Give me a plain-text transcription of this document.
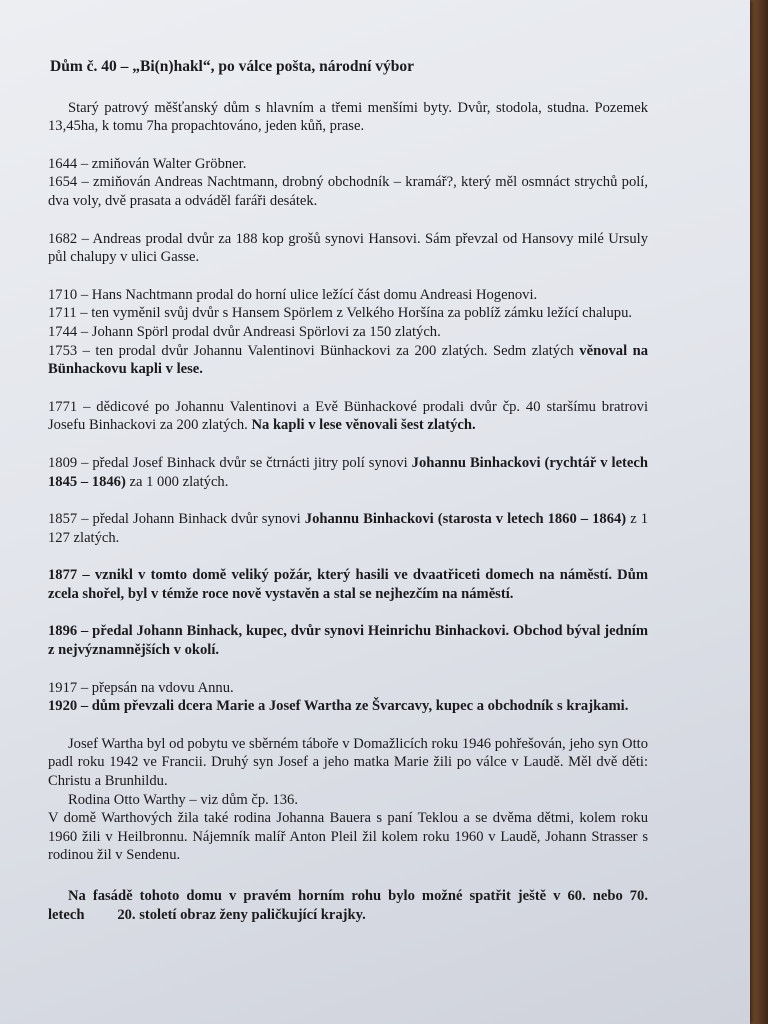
Dům č. 40 – „Bi(n)hakl“, po válce pošta, národní výbor
Starý patrový měšťanský dům s hlavním a třemi menšími byty. Dvůr, stodola, studna. Pozemek 13,45ha, k tomu 7ha propachtováno, jeden kůň, prase.
1644 – zmiňován Walter Gröbner.
1654 – zmiňován Andreas Nachtmann, drobný obchodník – kramář?, který měl osmnáct strychů polí, dva voly, dvě prasata a odváděl faráři desátek.
1682 – Andreas prodal dvůr za 188 kop grošů synovi Hansovi. Sám převzal od Hansovy milé Ursuly půl chalupy v ulici Gasse.
1710 – Hans Nachtmann prodal do horní ulice ležící část domu Andreasi Hogenovi.
1711 – ten vyměnil svůj dvůr s Hansem Spörlem z Velkého Horšína za poblíž zámku ležící chalupu.
1744 – Johann Spörl prodal dvůr Andreasi Spörlovi za 150 zlatých.
1753 – ten prodal dvůr Johannu Valentinovi Bünhackovi za 200 zlatých. Sedm zlatých věnoval na Bünhackovu kapli v lese.
1771 – dědicové po Johannu Valentinovi a Evě Bünhackové prodali dvůr čp. 40 staršímu bratrovi Josefu Binhackovi za 200 zlatých. Na kapli v lese věnovali šest zlatých.
1809 – předal Josef Binhack dvůr se čtrnácti jitry polí synovi Johannu Binhackovi (rychtář v letech 1845 – 1846) za 1 000 zlatých.
1857 – předal Johann Binhack dvůr synovi Johannu Binhackovi (starosta v letech 1860 – 1864) z 1 127 zlatých.
1877 – vznikl v tomto domě veliký požár, který hasili ve dvaatřiceti domech na náměstí. Dům zcela shořel, byl v témže roce nově vystavěn a stal se nejhezčím na náměstí.
1896 – předal Johann Binhack, kupec, dvůr synovi Heinrichu Binhackovi. Obchod býval jedním z nejvýznamnějších v okolí.
1917 – přepsán na vdovu Annu.
1920 – dům převzali dcera Marie a Josef Wartha ze Švarcavy, kupec a obchodník s krajkami.
Josef Wartha byl od pobytu ve sběrném táboře v Domažlicích roku 1946 pohřešován, jeho syn Otto padl roku 1942 ve Francii. Druhý syn Josef a jeho matka Marie žili po válce v Laudě. Měl dvě děti: Christu a Brunhildu.
Rodina Otto Warthy – viz dům čp. 136.
V domě Warthových žila také rodina Johanna Bauera s paní Teklou a se dvěma dětmi, kolem roku 1960 žili v Heilbronnu. Nájemník malíř Anton Pleil žil kolem roku 1960 v Laudě, Johann Strasser s rodinou žil v Sendenu.
Na fasádě tohoto domu v pravém horním rohu bylo možné spatřit ještě v 60. nebo 70. letech 20. století obraz ženy paličkující krajky.
